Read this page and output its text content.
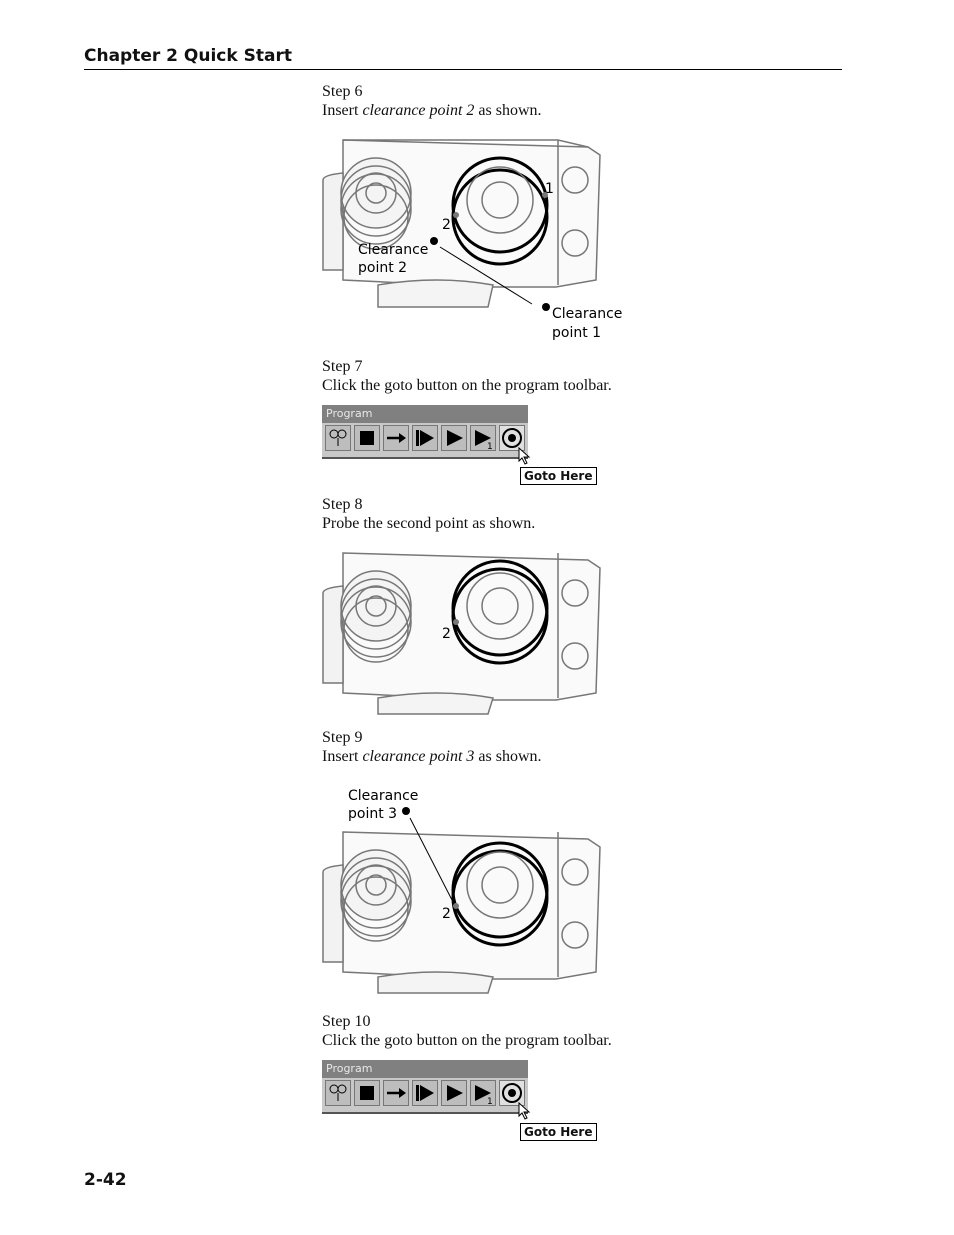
Chapter 2 Quick Start
Step 6
Insert clearance point 2 as shown.
1
2
Clearance
point 2
Clearance
point 1
Step 7
Click the goto button on the program toolbar.
Program
1
Goto Here
Step 8
Probe the second point as shown.
2
Step 9
Insert clearance point 3 as shown.
Clearance
point 3
2
Step 10
Click the goto button on the program toolbar.
Program
1
Goto Here
2-42
